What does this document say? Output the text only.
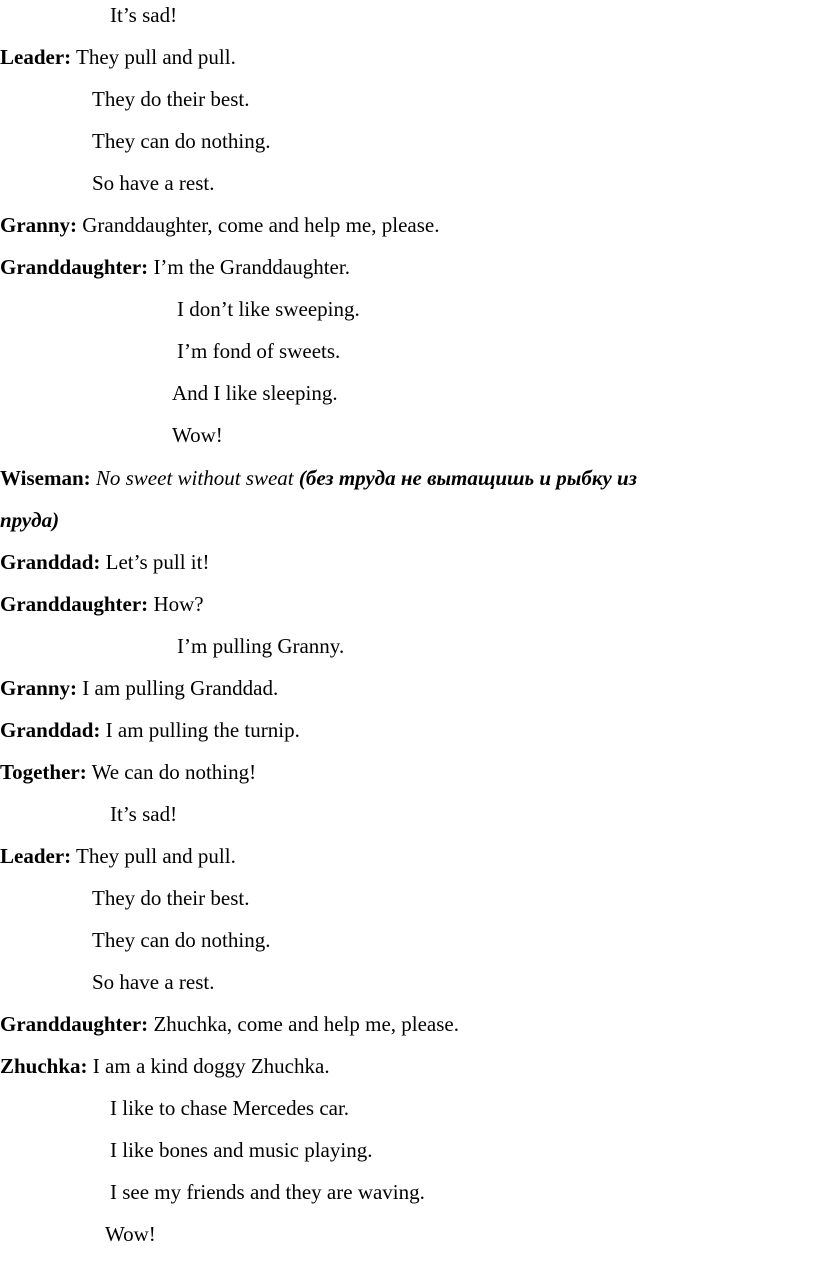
It’s sad!
Leader: They pull and pull.
They do their best.
They can do nothing.
So have a rest.
Granny: Granddaughter, come and help me, please.
Granddaughter: I’m the Granddaughter.
I don’t like sweeping.
I’m fond of sweets.
And I like sleeping.
Wow!
Wiseman: No sweet without sweat (без труда не вытащишь и рыбку из
пруда)
Granddad: Let’s pull it!
Granddaughter: How?
I’m pulling Granny.
Granny: I am pulling Granddad.
Granddad: I am pulling the turnip.
Together: We can do nothing!
It’s sad!
Leader: They pull and pull.
They do their best.
They can do nothing.
So have a rest.
Granddaughter: Zhuchka, come and help me, please.
Zhuchka: I am a kind doggy Zhuchka.
I like to chase Mercedes car.
I like bones and music playing.
I see my friends and they are waving.
Wow!
